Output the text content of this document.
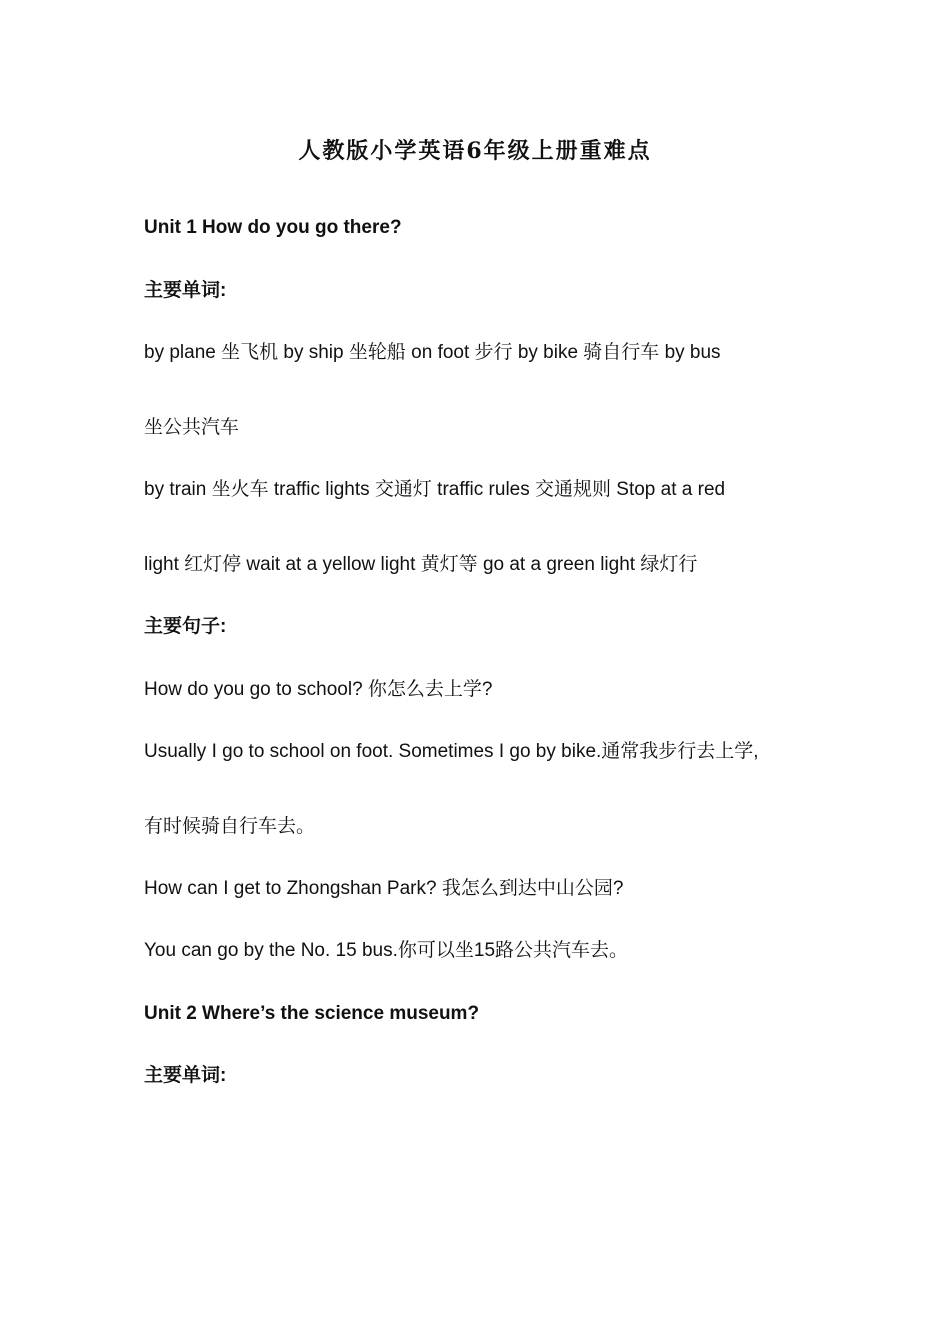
人教版小学英语6年级上册重难点
Unit 1 How do you go there?
主要单词:
by plane 坐飞机 by ship 坐轮船 on foot 步行 by bike 骑自行车 by bus
坐公共汽车
by train 坐火车 traffic lights 交通灯 traffic rules 交通规则 Stop at a red
light 红灯停 wait at a yellow light 黄灯等 go at a green light 绿灯行
主要句子:
How do you go to school? 你怎么去上学?
Usually I go to school on foot. Sometimes I go by bike.通常我步行去上学,
有时候骑自行车去。
How can I get to Zhongshan Park? 我怎么到达中山公园?
You can go by the No. 15 bus.你可以坐15路公共汽车去。
Unit 2 Where’s the science museum?
主要单词:
